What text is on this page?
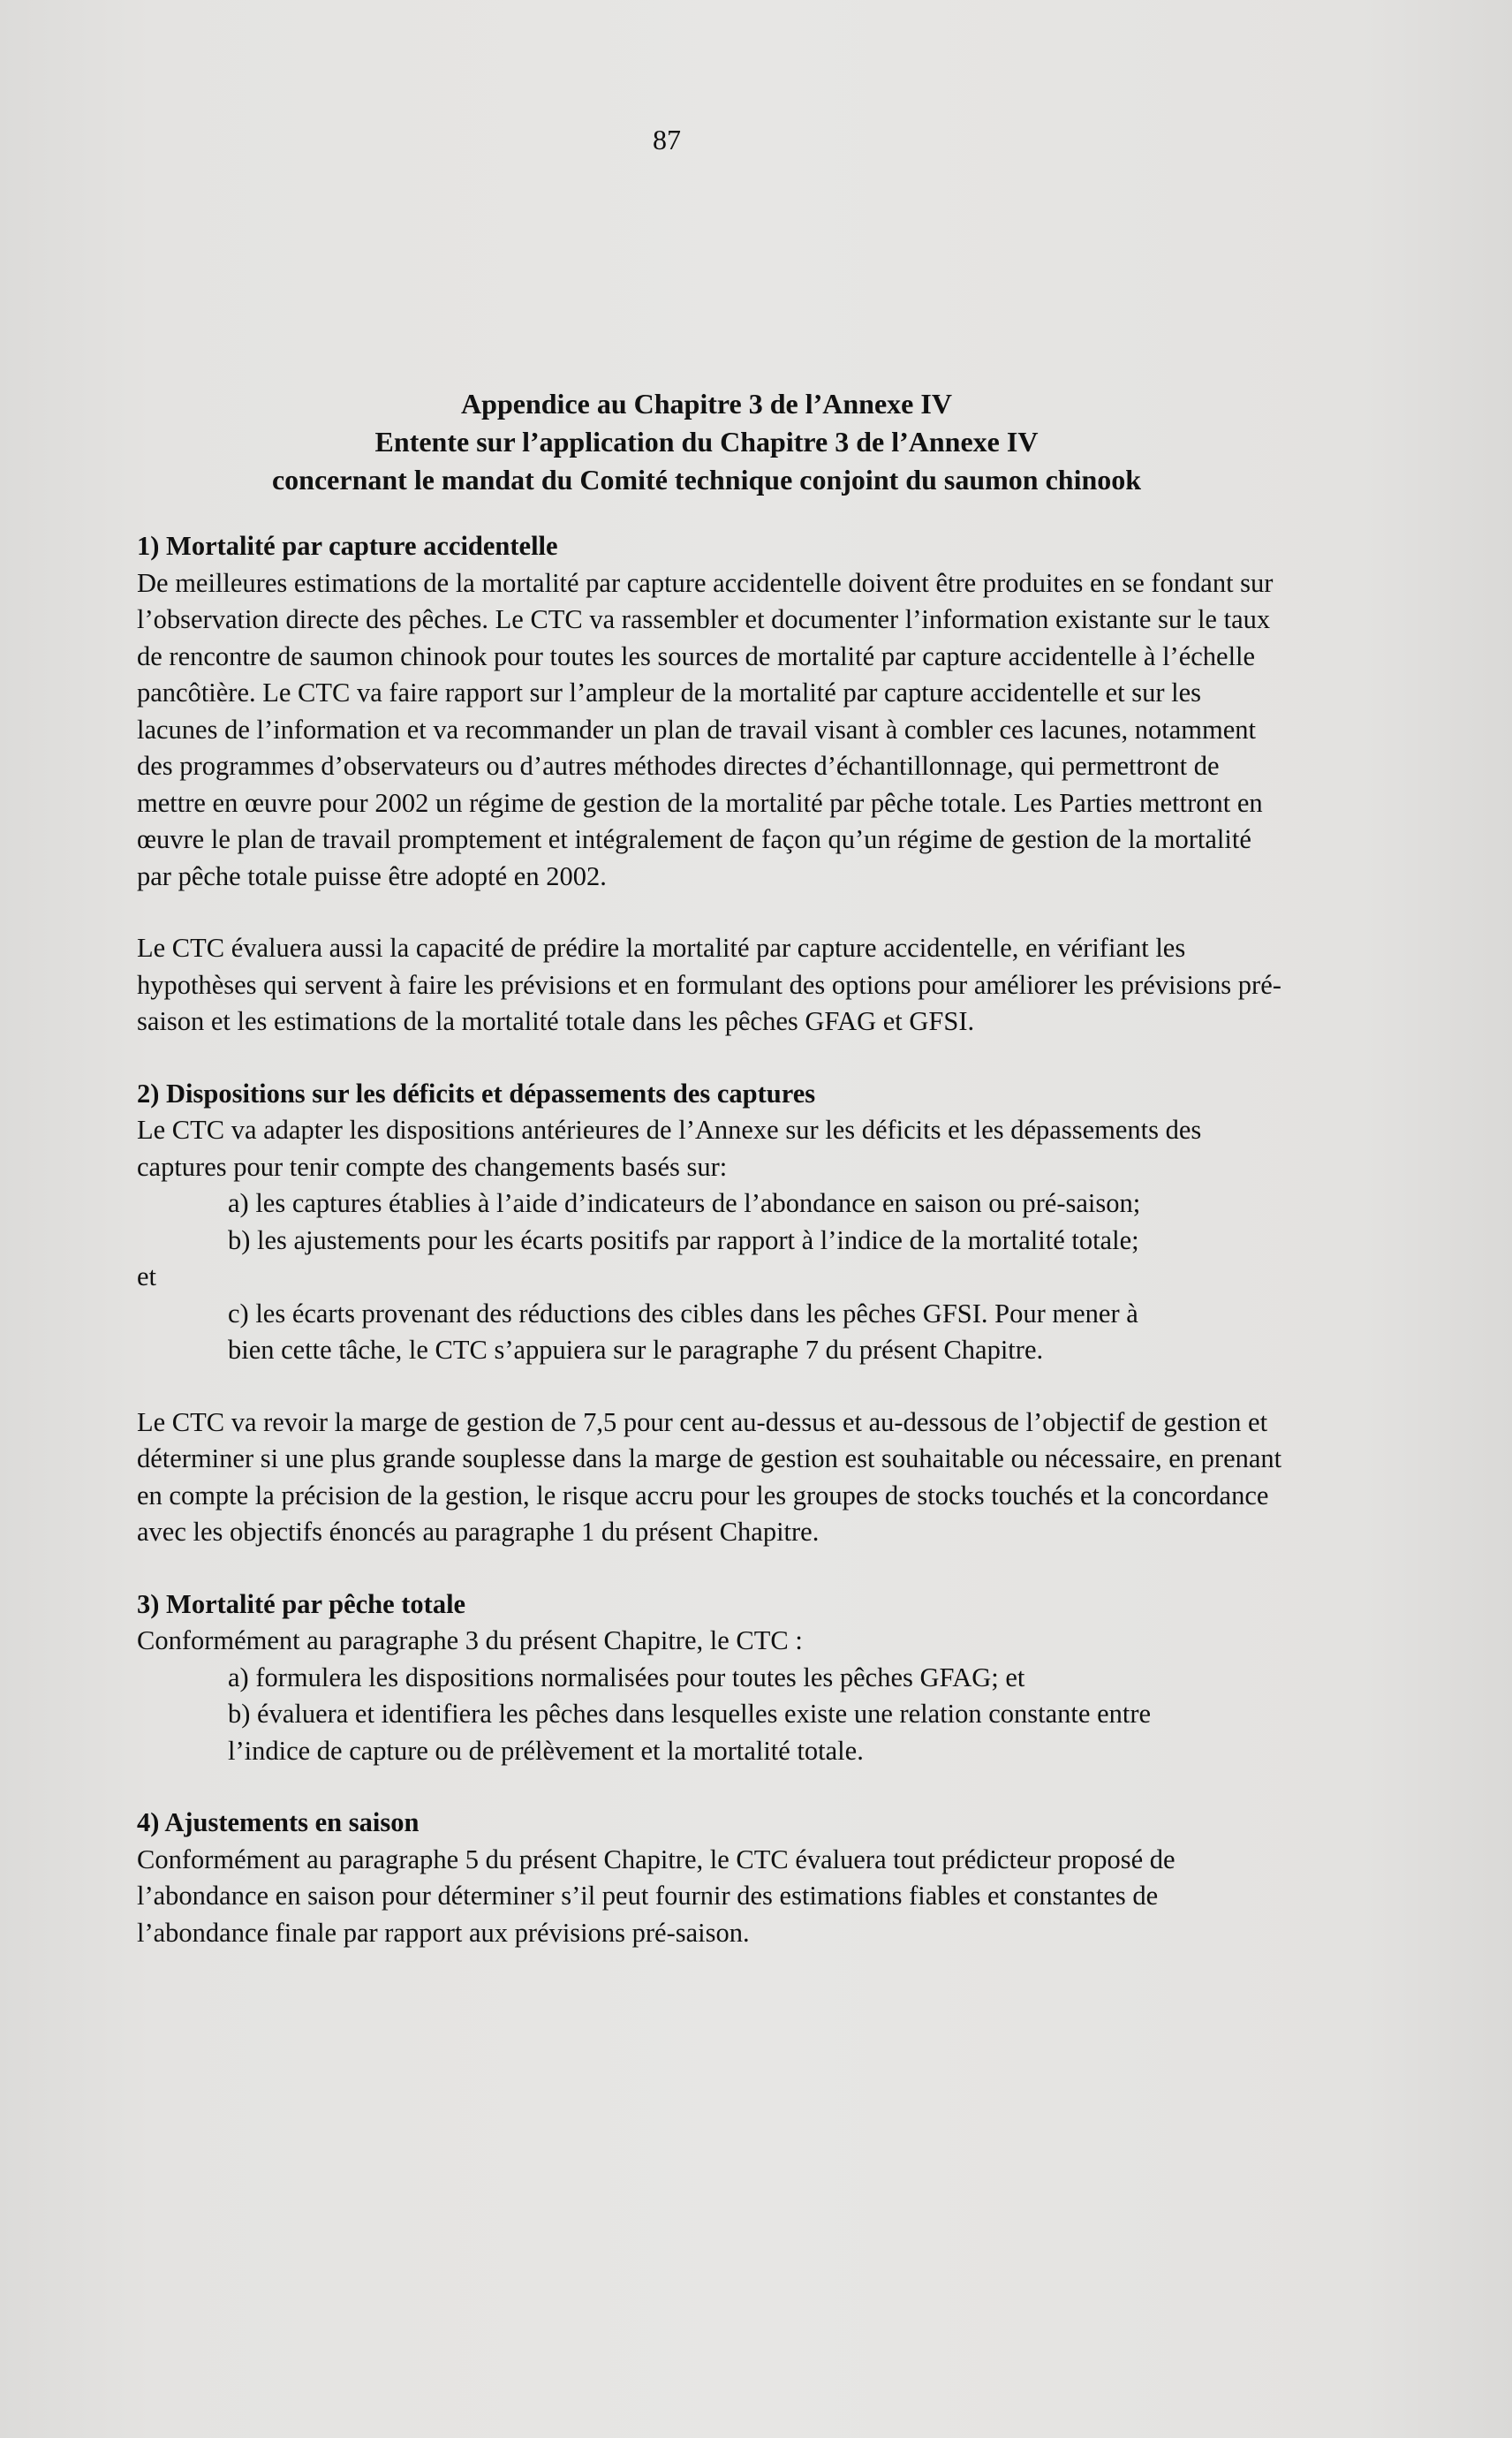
87
Appendice au Chapitre 3 de l’Annexe IV
Entente sur l’application du Chapitre 3 de l’Annexe IV
concernant le mandat du Comité technique conjoint du saumon chinook

1) Mortalité par capture accidentelle

De meilleures estimations de la mortalité par capture accidentelle doivent être produites en se fondant sur l’observation directe des pêches. Le CTC va rassembler et documenter l’information existante sur le taux de rencontre de saumon chinook pour toutes les sources de mortalité par capture accidentelle à l’échelle pancôtière. Le CTC va faire rapport sur l’ampleur de la mortalité par capture accidentelle et sur les lacunes de l’information et va recommander un plan de travail visant à combler ces lacunes, notamment des programmes d’observateurs ou d’autres méthodes directes d’échantillonnage, qui permettront de mettre en œuvre pour 2002 un régime de gestion de la mortalité par pêche totale. Les Parties mettront en œuvre le plan de travail promptement et intégralement de façon qu’un régime de gestion de la mortalité par pêche totale puisse être adopté en 2002.

Le CTC évaluera aussi la capacité de prédire la mortalité par capture accidentelle, en vérifiant les hypothèses qui servent à faire les prévisions et en formulant des options pour améliorer les prévisions pré-saison et les estimations de la mortalité totale dans les pêches GFAG et GFSI.

2) Dispositions sur les déficits et dépassements des captures

Le CTC va adapter les dispositions antérieures de l’Annexe sur les déficits et les dépassements des captures pour tenir compte des changements basés sur:

a) les captures établies à l’aide d’indicateurs de l’abondance en saison ou pré-saison;

b) les ajustements pour les écarts positifs par rapport à l’indice de la mortalité totale;

et

c) les écarts provenant des réductions des cibles dans les pêches GFSI. Pour mener à

bien cette tâche, le CTC s’appuiera sur le paragraphe 7 du présent Chapitre.

Le CTC va revoir la marge de gestion de 7,5 pour cent au-dessus et au-dessous de l’objectif de gestion et déterminer si une plus grande souplesse dans la marge de gestion est souhaitable ou nécessaire, en prenant en compte la précision de la gestion, le risque accru pour les groupes de stocks touchés et la concordance avec les objectifs énoncés au paragraphe 1 du présent Chapitre.

3) Mortalité par pêche totale

Conformément au paragraphe 3 du présent Chapitre, le CTC :

a) formulera les dispositions normalisées pour toutes les pêches GFAG; et

b) évaluera et identifiera les pêches dans lesquelles existe une relation constante entre

l’indice de capture ou de prélèvement et la mortalité totale.

4) Ajustements en saison

Conformément au paragraphe 5 du présent Chapitre, le CTC évaluera tout prédicteur proposé de l’abondance en saison pour déterminer s’il peut fournir des estimations fiables et constantes de l’abondance finale par rapport aux prévisions pré-saison.
